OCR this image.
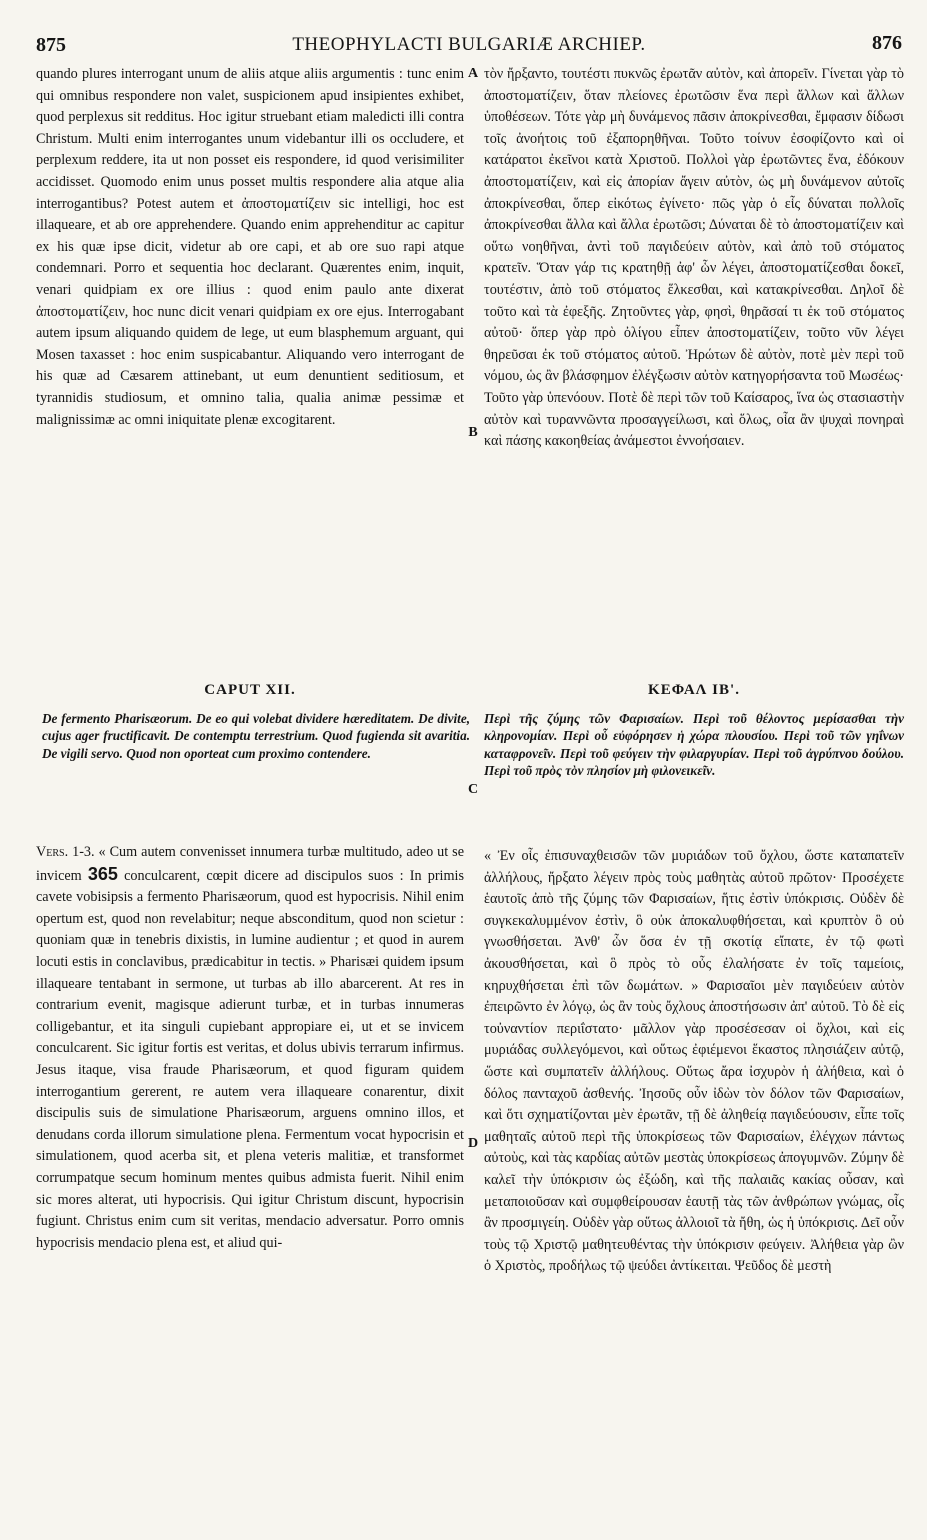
875	THEOPHYLACTI BULGARIÆ ARCHIEP.	876

quando plures interrogant unum de aliis atque aliis argumentis : tunc enim qui omnibus respondere non valet, suspicionem apud insipientes exhibet, quod perplexus sit redditus. Hoc igitur struebant etiam maledicti illi contra Christum. Multi enim interrogantes unum videbantur illi os occludere, et perplexum reddere, ita ut non posset eis respondere, id quod verisimiliter accidisset. Quomodo enim unus posset multis respondere alia atque alia interrogantibus? Potest autem et ἀποστοματίζειν sic intelligi, hoc est illaqueare, et ab ore apprehendere. Quando enim apprehenditur ac capitur ex his quæ ipse dicit, videtur ab ore capi, et ab ore suo rapi atque condemnari. Porro et sequentia hoc declarant. Quærentes enim, inquit, venari quidpiam ex ore illius : quod enim paulo ante dixerat ἀποστοματίζειν, hoc nunc dicit venari quidpiam ex ore ejus. Interrogabant autem ipsum aliquando quidem de lege, ut eum blasphemum arguant, qui Mosen taxasset : hoc enim suspicabantur. Aliquando vero interrogant de his quæ ad Cæsarem attinebant, ut eum denuntient seditiosum, et tyrannidis studiosum, et omnino talia, qualia animæ pessimæ et malignissimæ ac omni iniquitate plenæ excogitarent.

τὸν ἤρξαντο, τουτέστι πυκνῶς ἐρωτᾶν αὐτὸν, καὶ ἀπορεῖν. Γίνεται γὰρ τὸ ἀποστοματίζειν, ὅταν πλείονες ἐρωτῶσιν ἕνα περὶ ἄλλων καὶ ἄλλων ὑποθέσεων. Τότε γὰρ μὴ δυνάμενος πᾶσιν ἀποκρίνεσθαι, ἔμφασιν δίδωσι τοῖς ἀνοήτοις τοῦ ἐξαπορηθῆναι. Τοῦτο τοίνυν ἐσοφίζοντο καὶ οἱ κατάρατοι ἐκεῖνοι κατὰ Χριστοῦ. Πολλοὶ γὰρ ἐρωτῶντες ἕνα, ἐδόκουν ἀποστοματίζειν, καὶ εἰς ἀπορίαν ἄγειν αὐτὸν, ὡς μὴ δυνάμενον αὐτοῖς ἀποκρίνεσθαι, ὅπερ εἰκότως ἐγίνετο· πῶς γὰρ ὁ εἷς δύναται πολλοῖς ἀποκρίνεσθαι ἄλλα καὶ ἄλλα ἐρωτῶσι; Δύναται δὲ τὸ ἀποστοματίζειν καὶ οὕτω νοηθῆναι, ἀντὶ τοῦ παγιδεύειν αὐτὸν, καὶ ἀπὸ τοῦ στόματος κρατεῖν. Ὅταν γάρ τις κρατηθῇ ἀφ' ὧν λέγει, ἀποστοματίζεσθαι δοκεῖ, τουτέστιν, ἀπὸ τοῦ στόματος ἕλκεσθαι, καὶ κατακρίνεσθαι. Δηλοῖ δὲ τοῦτο καὶ τὰ ἐφεξῆς. Ζητοῦντες γὰρ, φησὶ, θηρᾶσαί τι ἐκ τοῦ στόματος αὐτοῦ· ὅπερ γὰρ πρὸ ὀλίγου εἶπεν ἀποστοματίζειν, τοῦτο νῦν λέγει θηρεῦσαι ἐκ τοῦ στόματος αὐτοῦ. Ἠρώτων δὲ αὐτὸν, ποτὲ μὲν περὶ τοῦ νόμου, ὡς ἂν βλάσφημον ἐλέγξωσιν αὐτὸν κατηγορήσαντα τοῦ Μωσέως· Τοῦτο γὰρ ὑπενόουν. Ποτὲ δὲ περὶ τῶν τοῦ Καίσαρος, ἵνα ὡς στασιαστὴν αὐτὸν καὶ τυραννῶντα προσαγγείλωσι, καὶ ὅλως, οἷα ἂν ψυχαὶ πονηραὶ καὶ πάσης κακοηθείας ἀνάμεστοι ἐννοήσαιεν.

A
B
C
D
CAPUT XII.	ΚΕΦΑΛ ΙΒ'.
De fermento Pharisæorum. De eo qui volebat dividere hæreditatem. De divite, cujus ager fructificavit. De contemptu terrestrium. Quod fugienda sit avaritia. De vigili servo. Quod non oporteat cum proximo contendere.
Περὶ τῆς ζύμης τῶν Φαρισαίων. Περὶ τοῦ θέλοντος μερίσασθαι τὴν κληρονομίαν. Περὶ οὗ εὐφόρησεν ἡ χώρα πλουσίου. Περὶ τοῦ τῶν γηΐνων καταφρονεῖν. Περὶ τοῦ φεύγειν τὴν φιλαργυρίαν. Περὶ τοῦ ἀγρύπνου δούλου. Περὶ τοῦ πρὸς τὸν πλησίον μὴ φιλονεικεῖν.

Vers. 1-3. « Cum autem convenisset innumera turbæ multitudo, adeo ut se invicem 365 conculcarent, cœpit dicere ad discipulos suos : In primis cavete vobisipsis a fermento Pharisæorum, quod est hypocrisis. Nihil enim opertum est, quod non revelabitur; neque absconditum, quod non scietur : quoniam quæ in tenebris dixistis, in lumine audientur ; et quod in aurem locuti estis in conclavibus, prædicabitur in tectis. » Pharisæi quidem ipsum illaqueare tentabant in sermone, ut turbas ab illo abarcerent. At res in contrarium evenit, magisque adierunt turbæ, et in turbas innumeras colligebantur, et ita singuli cupiebant appropiare ei, ut et se invicem conculcarent. Sic igitur fortis est veritas, et dolus ubivis terrarum infirmus. Jesus itaque, visa fraude Pharisæorum, et quod figuram quidem interrogantium gererent, re autem vera illaqueare conarentur, dixit discipulis suis de simulatione Pharisæorum, arguens omnino illos, et denudans corda illorum simulatione plena. Fermentum vocat hypocrisin et simulationem, quod acerba sit, et plena veteris malitiæ, et transformet corrumpatque secum hominum mentes quibus admista fuerit. Nihil enim sic mores alterat, uti hypocrisis. Qui igitur Christum discunt, hypocrisin fugiunt. Christus enim cum sit veritas, mendacio adversatur. Porro omnis hypocrisis mendacio plena est, et aliud qui-

« Ἐν οἷς ἐπισυναχθεισῶν τῶν μυριάδων τοῦ ὄχλου, ὥστε καταπατεῖν ἀλλήλους, ἤρξατο λέγειν πρὸς τοὺς μαθητὰς αὐτοῦ πρῶτον· Προσέχετε ἑαυτοῖς ἀπὸ τῆς ζύμης τῶν Φαρισαίων, ἥτις ἐστὶν ὑπόκρισις. Οὐδὲν δὲ συγκεκαλυμμένον ἐστὶν, ὃ οὐκ ἀποκαλυφθήσεται, καὶ κρυπτὸν ὃ οὐ γνωσθήσεται. Ἀνθ' ὧν ὅσα ἐν τῇ σκοτίᾳ εἴπατε, ἐν τῷ φωτὶ ἀκουσθήσεται, καὶ ὃ πρὸς τὸ οὖς ἐλαλήσατε ἐν τοῖς ταμείοις, κηρυχθήσεται ἐπὶ τῶν δωμάτων. » Φαρισαῖοι μὲν παγιδεύειν αὐτὸν ἐπειρῶντο ἐν λόγῳ, ὡς ἂν τοὺς ὄχλους ἀποστήσωσιν ἀπ' αὐτοῦ. Τὸ δὲ εἰς τοὐναντίον περιΐστατο· μᾶλλον γὰρ προσέσεσαν οἱ ὄχλοι, καὶ εἰς μυριάδας συλλεγόμενοι, καὶ οὕτως ἐφιέμενοι ἕκαστος πλησιάζειν αὐτῷ, ὥστε καὶ συμπατεῖν ἀλλήλους. Οὕτως ἄρα ἰσχυρὸν ἡ ἀλήθεια, καὶ ὁ δόλος πανταχοῦ ἀσθενής. Ἰησοῦς οὖν ἰδὼν τὸν δόλον τῶν Φαρισαίων, καὶ ὅτι σχηματίζονται μὲν ἐρωτᾶν, τῇ δὲ ἀληθείᾳ παγιδεύουσιν, εἶπε τοῖς μαθηταῖς αὐτοῦ περὶ τῆς ὑποκρίσεως τῶν Φαρισαίων, ἐλέγχων πάντως αὐτοὺς, καὶ τὰς καρδίας αὐτῶν μεστὰς ὑποκρίσεως ἀπογυμνῶν. Ζύμην δὲ καλεῖ τὴν ὑπόκρισιν ὡς ἐξώδη, καὶ τῆς παλαιᾶς κακίας οὖσαν, καὶ μεταποιοῦσαν καὶ συμφθείρουσαν ἑαυτῇ τὰς τῶν ἀνθρώπων γνώμας, οἷς ἂν προσμιγείη. Οὐδὲν γὰρ οὕτως ἀλλοιοῖ τὰ ἤθη, ὡς ἡ ὑπόκρισις. Δεῖ οὖν τοὺς τῷ Χριστῷ μαθητευθέντας τὴν ὑπόκρισιν φεύγειν. Ἀλήθεια γὰρ ὢν ὁ Χριστὸς, προδήλως τῷ ψεύδει ἀντίκειται. Ψεῦδος δὲ μεστὴ
